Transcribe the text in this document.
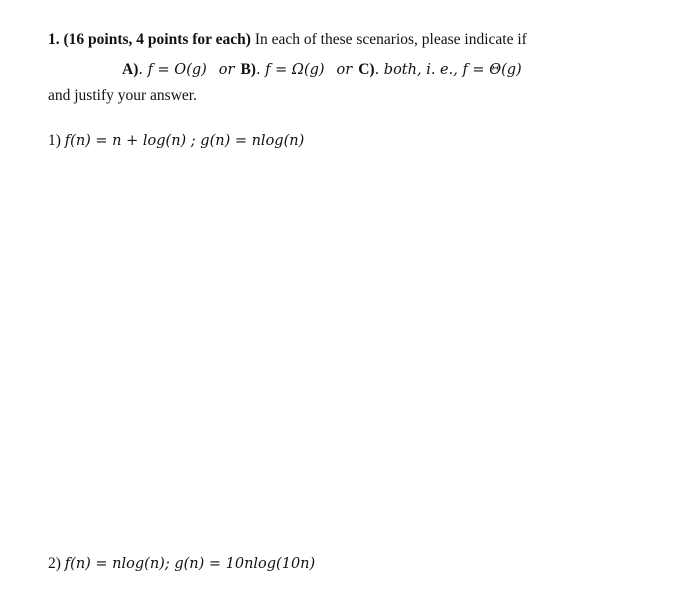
1. (16 points, 4 points for each) In each of these scenarios, please indicate if
A). f = O(g) or B). f = Ω(g) or C). both, i. e., f = Θ(g)
and justify your answer.
1) f(n) = n + log(n) ; g(n) = nlog(n)
2) f(n) = nlog(n); g(n) = 10nlog(10n)
